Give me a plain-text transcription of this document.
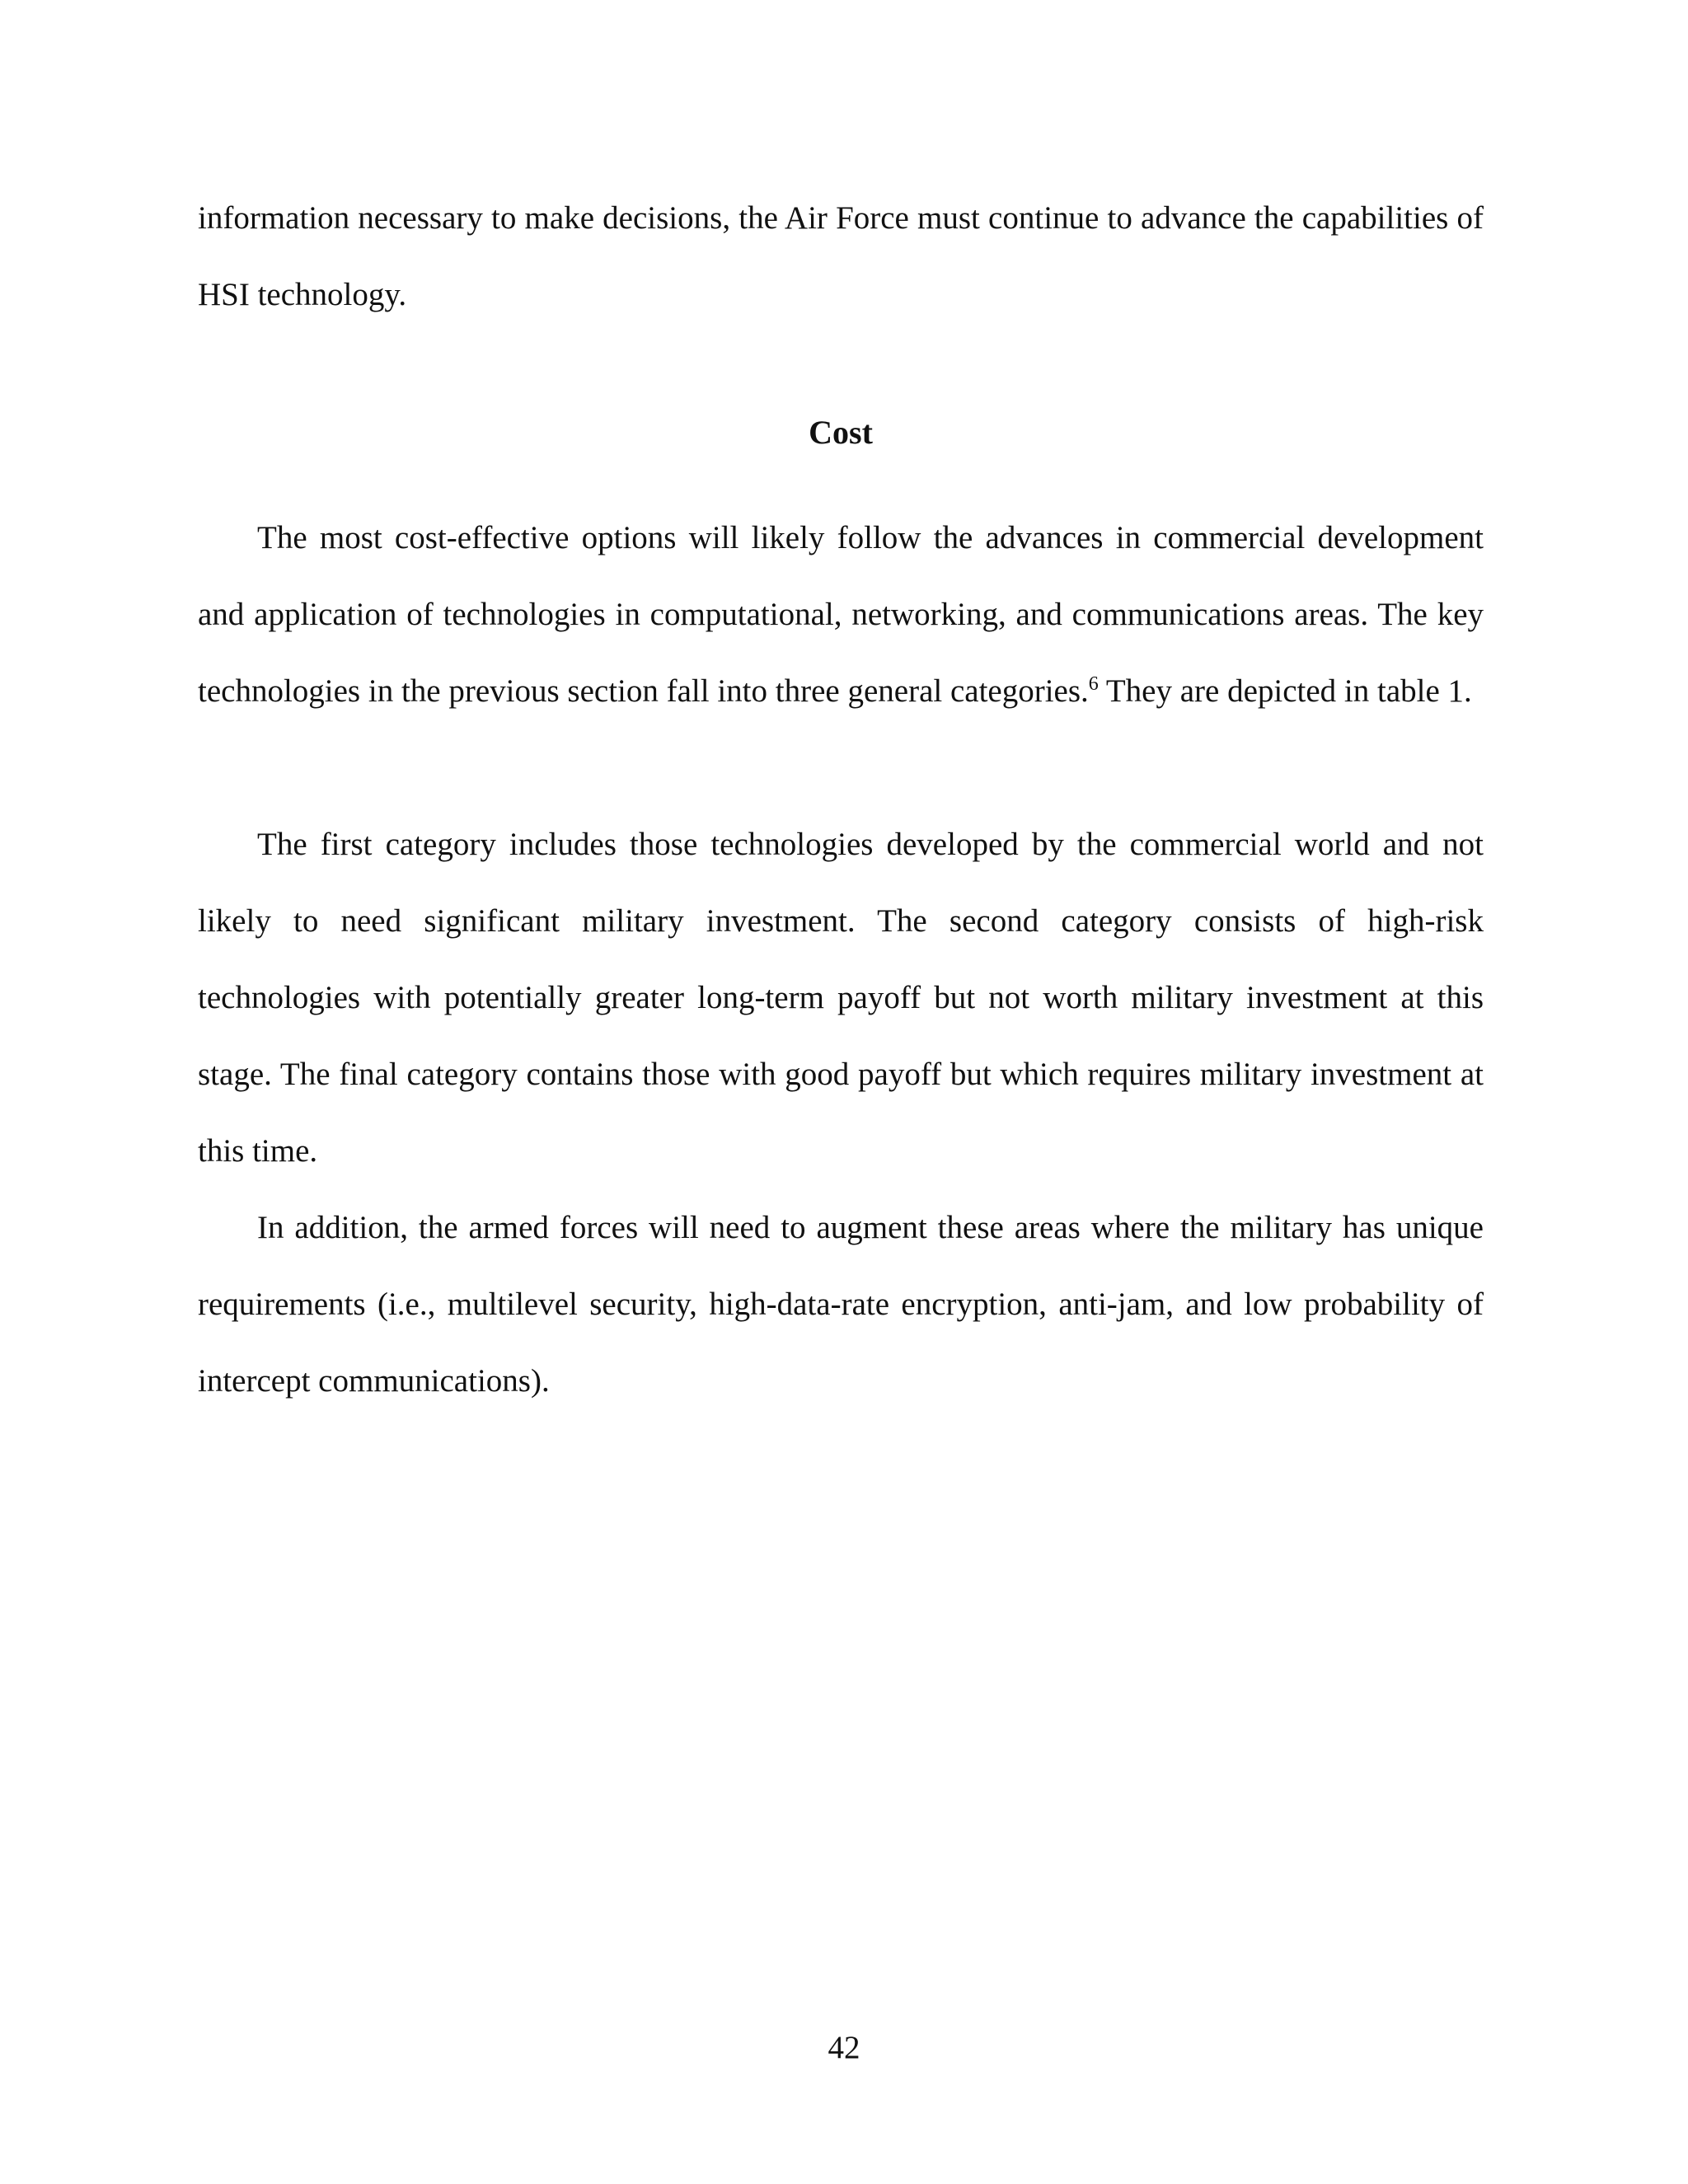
information necessary to make decisions, the Air Force must continue to advance the capabilities of HSI technology.

Cost

The most cost-effective options will likely follow the advances in commercial development and application of technologies in computational, networking, and communications areas. The key technologies in the previous section fall into three general categories.$^6$ They are depicted in table 1.

The first category includes those technologies developed by the commercial world and not likely to need significant military investment. The second category consists of high-risk technologies with potentially greater long-term payoff but not worth military investment at this stage. The final category contains those with good payoff but which requires military investment at this time.

In addition, the armed forces will need to augment these areas where the military has unique requirements (i.e., multilevel security, high-data-rate encryption, anti-jam, and low probability of intercept communications).

42
